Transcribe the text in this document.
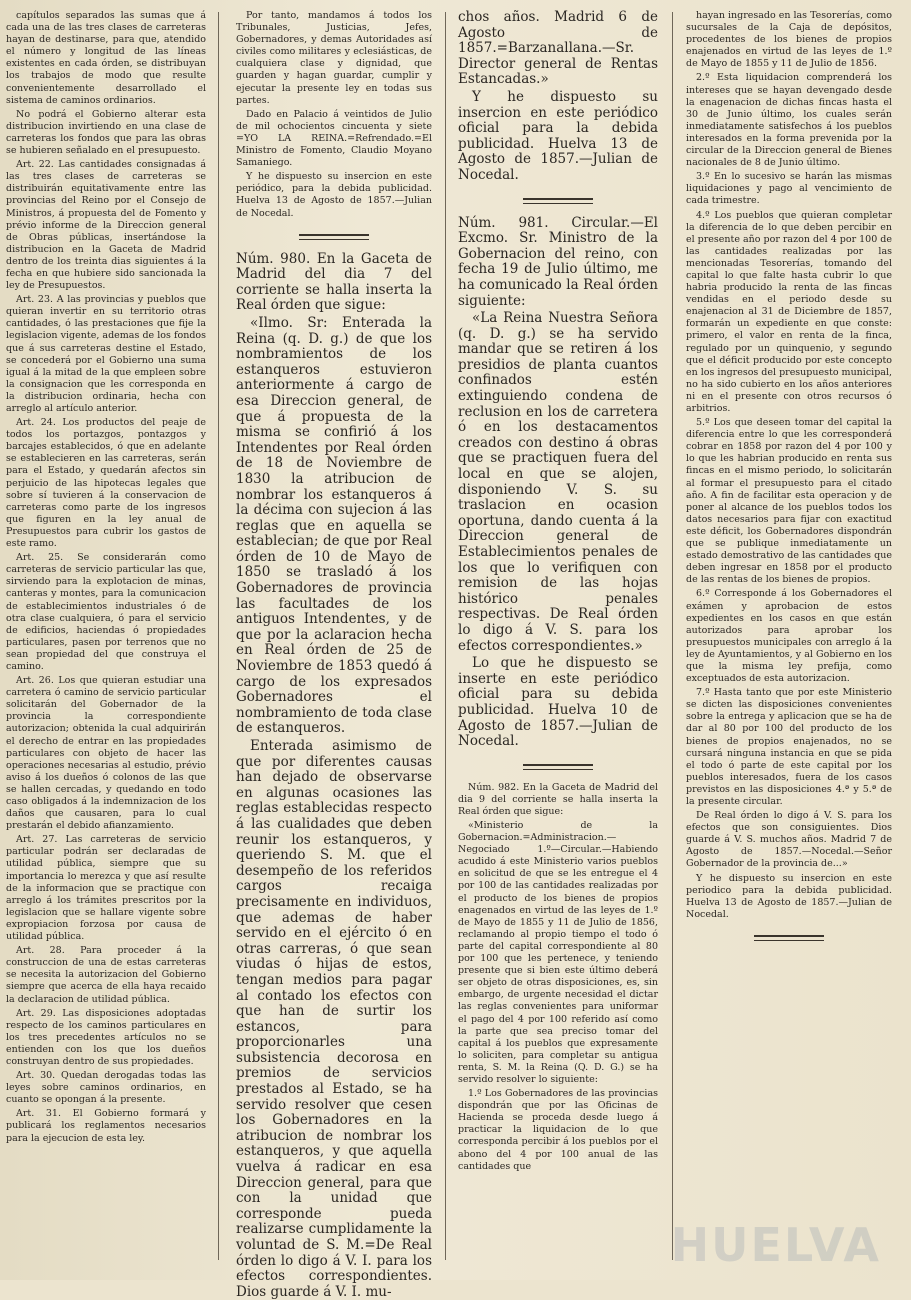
capítulos separados las sumas que á cada una de las tres clases de carreteras hayan de destinarse, para que, atendido el número y longitud de las líneas existentes en cada órden, se distribuyan los trabajos de modo que resulte convenientemente desarrollado el sistema de caminos ordinarios.

No podrá el Gobierno alterar esta distribucion invirtiendo en una clase de carreteras los fondos que para las obras se hubieren señalado en el presupuesto.

Art. 22. Las cantidades consignadas á las tres clases de carreteras se distribuirán equitativamente entre las provincias del Reino por el Consejo de Ministros, á propuesta del de Fomento y prévio informe de la Direccion general de Obras públicas, insertándose la distribucion en la Gaceta de Madrid dentro de los treinta dias siguientes á la fecha en que hubiere sido sancionada la ley de Presupuestos.

Art. 23. A las provincias y pueblos que quieran invertir en su territorio otras cantidades, ó las prestaciones que fije la legislacion vigente, ademas de los fondos que á sus carreteras destine el Estado, se concederá por el Gobierno una suma igual á la mitad de la que empleen sobre la consignacion que les corresponda en la distribucion ordinaria, hecha con arreglo al artículo anterior.

Art. 24. Los productos del peaje de todos los portazgos, pontazgos y barcajes establecidos, ó que en adelante se establecieren en las carreteras, serán para el Estado, y quedarán afectos sin perjuicio de las hipotecas legales que sobre sí tuvieren á la conservacion de carreteras como parte de los ingresos que figuren en la ley anual de Presupuestos para cubrir los gastos de este ramo.

Art. 25. Se considerarán como carreteras de servicio particular las que, sirviendo para la explotacion de minas, canteras y montes, para la comunicacion de establecimientos industriales ó de otra clase cualquiera, ó para el servicio de edificios, haciendas ó propiedades particulares, pasen por terrenos que no sean propiedad del que construya el camino.

Art. 26. Los que quieran estudiar una carretera ó camino de servicio particular solicitarán del Gobernador de la provincia la correspondiente autorizacion; obtenida la cual adquirirán el derecho de entrar en las propiedades particulares con objeto de hacer las operaciones necesarias al estudio, prévio aviso á los dueños ó colonos de las que se hallen cercadas, y quedando en todo caso obligados á la indemnizacion de los daños que causaren, para lo cual prestarán el debido afianzamiento.

Art. 27. Las carreteras de servicio particular podrán ser declaradas de utilidad pública, siempre que su importancia lo merezca y que así resulte de la informacion que se practique con arreglo á los trámites prescritos por la legislacion que se hallare vigente sobre expropiacion forzosa por causa de utilidad pública.

Art. 28. Para proceder á la construccion de una de estas carreteras se necesita la autorizacion del Gobierno siempre que acerca de ella haya recaido la declaracion de utilidad pública.

Art. 29. Las disposiciones adoptadas respecto de los caminos particulares en los tres precedentes artículos no se entienden con los que los dueños construyan dentro de sus propiedades.

Art. 30. Quedan derogadas todas las leyes sobre caminos ordinarios, en cuanto se opongan á la presente.

Art. 31. El Gobierno formará y publicará los reglamentos necesarios para la ejecucion de esta ley.

Por tanto, mandamos á todos los Tribunales, Justicias, Jefes, Gobernadores, y demas Autoridades así civiles como militares y eclesiásticas, de cualquiera clase y dignidad, que guarden y hagan guardar, cumplir y ejecutar la presente ley en todas sus partes.

Dado en Palacio á veintidos de Julio de mil ochocientos cincuenta y siete =YO LA REINA.=Refrendado.=El Ministro de Fomento, Claudio Moyano Samaniego.

Y he dispuesto su insercion en este periódico, para la debida publicidad. Huelva 13 de Agosto de 1857.—Julian de Nocedal.

Núm. 980. En la Gaceta de Madrid del dia 7 del corriente se halla inserta la Real órden que sigue:

«Ilmo. Sr: Enterada la Reina (q. D. g.) de que los nombramientos de los estanqueros estuvieron anteriormente á cargo de esa Direccion general, de que á propuesta de la misma se confirió á los Intendentes por Real órden de 18 de Noviembre de 1830 la atribucion de nombrar los estanqueros á la décima con sujecion á las reglas que en aquella se establecian; de que por Real órden de 10 de Mayo de 1850 se trasladó á los Gobernadores de provincia las facultades de los antiguos Intendentes, y de que por la aclaracion hecha en Real órden de 25 de Noviembre de 1853 quedó á cargo de los expresados Gobernadores el nombramiento de toda clase de estanqueros.

Enterada asimismo de que por diferentes causas han dejado de observarse en algunas ocasiones las reglas establecidas respecto á las cualidades que deben reunir los estanqueros, y queriendo S. M. que el desempeño de los referidos cargos recaiga precisamente en individuos, que ademas de haber servido en el ejército ó en otras carreras, ó que sean viudas ó hijas de estos, tengan medios para pagar al contado los efectos con que han de surtir los estancos, para proporcionarles una subsistencia decorosa en premios de servicios prestados al Estado, se ha servido resolver que cesen los Gobernadores en la atribucion de nombrar los estanqueros, y que aquella vuelva á radicar en esa Direccion general, para que con la unidad que corresponde pueda realizarse cumplidamente la voluntad de S. M.=De Real órden lo digo á V. I. para los efectos correspondientes. Dios guarde á V. I. mu-

chos años. Madrid 6 de Agosto de 1857.=Barzanallana.—Sr. Director general de Rentas Estancadas.»

Y he dispuesto su insercion en este periódico oficial para la debida publicidad. Huelva 13 de Agosto de 1857.—Julian de Nocedal.

Núm. 981. Circular.—El Excmo. Sr. Ministro de la Gobernacion del reino, con fecha 19 de Julio último, me ha comunicado la Real órden siguiente:

«La Reina Nuestra Señora (q. D. g.) se ha servido mandar que se retiren á los presidios de planta cuantos confinados estén extinguiendo condena de reclusion en los de carretera ó en los destacamentos creados con destino á obras que se practiquen fuera del local en que se alojen, disponiendo V. S. su traslacion en ocasion oportuna, dando cuenta á la Direccion general de Establecimientos penales de los que lo verifiquen con remision de las hojas histórico penales respectivas. De Real órden lo digo á V. S. para los efectos correspondientes.»

Lo que he dispuesto se inserte en este periódico oficial para su debida publicidad. Huelva 10 de Agosto de 1857.—Julian de Nocedal.

Núm. 982. En la Gaceta de Madrid del dia 9 del corriente se halla inserta la Real órden que sigue:

«Ministerio de la Gobernacion.=Administracion.—Negociado 1.º—Circular.—Habiendo acudido á este Ministerio varios pueblos en solicitud de que se les entregue el 4 por 100 de las cantidades realizadas por el producto de los bienes de propios enagenados en virtud de las leyes de 1.º de Mayo de 1855 y 11 de Julio de 1856, reclamando al propio tiempo el todo ó parte del capital correspondiente al 80 por 100 que les pertenece, y teniendo presente que si bien este último deberá ser objeto de otras disposiciones, es, sin embargo, de urgente necesidad el dictar las reglas convenientes para uniformar el pago del 4 por 100 referido así como la parte que sea preciso tomar del capital á los pueblos que expresamente lo soliciten, para completar su antigua renta, S. M. la Reina (Q. D. G.) se ha servido resolver lo siguiente:

1.º Los Gobernadores de las provincias dispondrán que por las Oficinas de Hacienda se proceda desde luego á practicar la liquidacion de lo que corresponda percibir á los pueblos por el abono del 4 por 100 anual de las cantidades que

hayan ingresado en las Tesorerías, como sucursales de la Caja de depósitos, procedentes de los bienes de propios enajenados en virtud de las leyes de 1.º de Mayo de 1855 y 11 de Julio de 1856.

2.º Esta liquidacion comprenderá los intereses que se hayan devengado desde la enagenacion de dichas fincas hasta el 30 de Junio último, los cuales serán inmediatamente satisfechos á los pueblos interesados en la forma prevenida por la circular de la Direccion general de Bienes nacionales de 8 de Junio último.

3.º En lo sucesivo se harán las mismas liquidaciones y pago al vencimiento de cada trimestre.

4.º Los pueblos que quieran completar la diferencia de lo que deben percibir en el presente año por razon del 4 por 100 de las cantidades realizadas por las mencionadas Tesorerías, tomando del capital lo que falte hasta cubrir lo que habria producido la renta de las fincas vendidas en el periodo desde su enajenacion al 31 de Diciembre de 1857, formarán un expediente en que conste: primero, el valor en renta de la finca, regulado por un quinquenio, y segundo que el déficit producido por este concepto en los ingresos del presupuesto municipal, no ha sido cubierto en los años anteriores ni en el presente con otros recursos ó arbitrios.

5.º Los que deseen tomar del capital la diferencia entre lo que les corresponderá cobrar en 1858 por razon del 4 por 100 y lo que les habrian producido en renta sus fincas en el mismo periodo, lo solicitarán al formar el presupuesto para el citado año. A fin de facilitar esta operacion y de poner al alcance de los pueblos todos los datos necesarios para fijar con exactitud este déficit, los Gobernadores dispondrán que se publique inmediatamente un estado demostrativo de las cantidades que deben ingresar en 1858 por el producto de las rentas de los bienes de propios.

6.º Corresponde á los Gobernadores el exámen y aprobacion de estos expedientes en los casos en que están autorizados para aprobar los presupuestos municipales con arreglo á la ley de Ayuntamientos, y al Gobierno en los que la misma ley prefija, como exceptuados de esta autorizacion.

7.º Hasta tanto que por este Ministerio se dicten las disposiciones convenientes sobre la entrega y aplicacion que se ha de dar al 80 por 100 del producto de los bienes de propios enajenados, no se cursará ninguna instancia en que se pida el todo ó parte de este capital por los pueblos interesados, fuera de los casos previstos en las disposiciones 4.ª y 5.ª de la presente circular.

De Real órden lo digo á V. S. para los efectos que son consiguientes. Dios guarde á V. S. muchos años. Madrid 7 de Agosto de 1857.—Nocedal.—Señor Gobernador de la provincia de...»

Y he dispuesto su insercion en este periodico para la debida publicidad. Huelva 13 de Agosto de 1857.—Julian de Nocedal.

HUELVA
